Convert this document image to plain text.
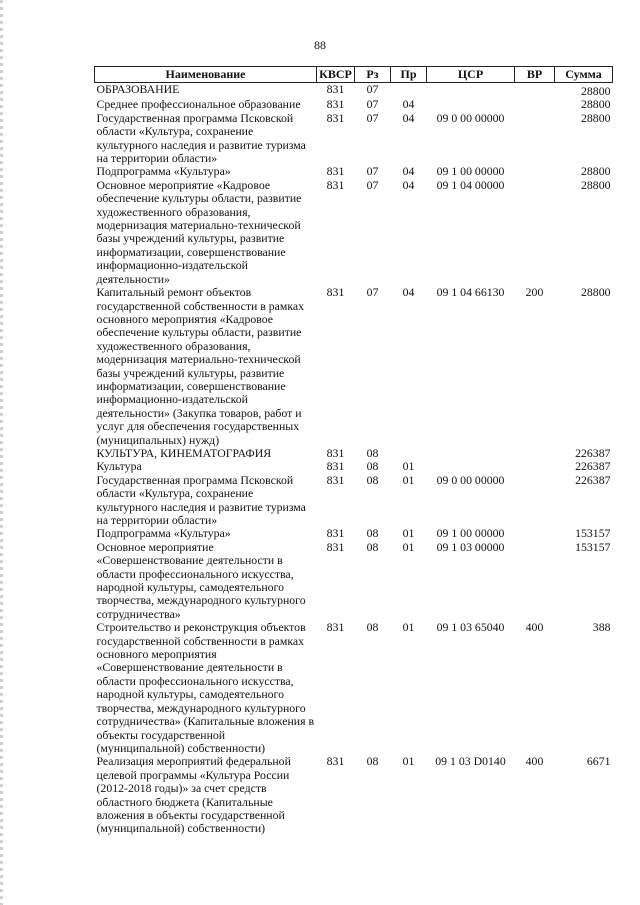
88
Наименование	КВСР	Рз	Пр	ЦСР	ВР	Сумма
ОБРАЗОВАНИЕ	831	07				28800
Среднее профессиональное образование	831	07	04			28800
Государственная программа Псковской области «Культура, сохранение культурного наследия и развитие туризма на территории области»	831	07	04	09 0 00 00000		28800
Подпрограмма «Культура»	831	07	04	09 1 00 00000		28800
Основное мероприятие «Кадровое обеспечение культуры области, развитие художественного образования, модернизация материально-технической базы учреждений культуры, развитие информатизации, совершенствование информационно-издательской деятельности»	831	07	04	09 1 04 00000		28800
Капитальный ремонт объектов государственной собственности в рамках основного мероприятия «Кадровое обеспечение культуры области, развитие художественного образования, модернизация материально-технической базы учреждений культуры, развитие информатизации, совершенствование информационно-издательской деятельности» (Закупка товаров, работ и услуг для обеспечения государственных (муниципальных) нужд)	831	07	04	09 1 04 66130	200	28800
КУЛЬТУРА, КИНЕМАТОГРАФИЯ	831	08				226387
Культура	831	08	01			226387
Государственная программа Псковской области «Культура, сохранение культурного наследия и развитие туризма на территории области»	831	08	01	09 0 00 00000		226387
Подпрограмма «Культура»	831	08	01	09 1 00 00000		153157
Основное мероприятие «Совершенствование деятельности в области профессионального искусства, народной культуры, самодеятельного творчества, международного культурного сотрудничества»	831	08	01	09 1 03 00000		153157
Строительство и реконструкция объектов государственной собственности в рамках основного мероприятия «Совершенствование деятельности в области профессионального искусства, народной культуры, самодеятельного творчества, международного культурного сотрудничества» (Капитальные вложения в объекты государственной (муниципальной) собственности)	831	08	01	09 1 03 65040	400	388
Реализация мероприятий федеральной целевой программы «Культура России (2012-2018 годы)» за счет средств областного бюджета (Капитальные вложения в объекты государственной (муниципальной) собственности)	831	08	01	09 1 03 D0140	400	6671
